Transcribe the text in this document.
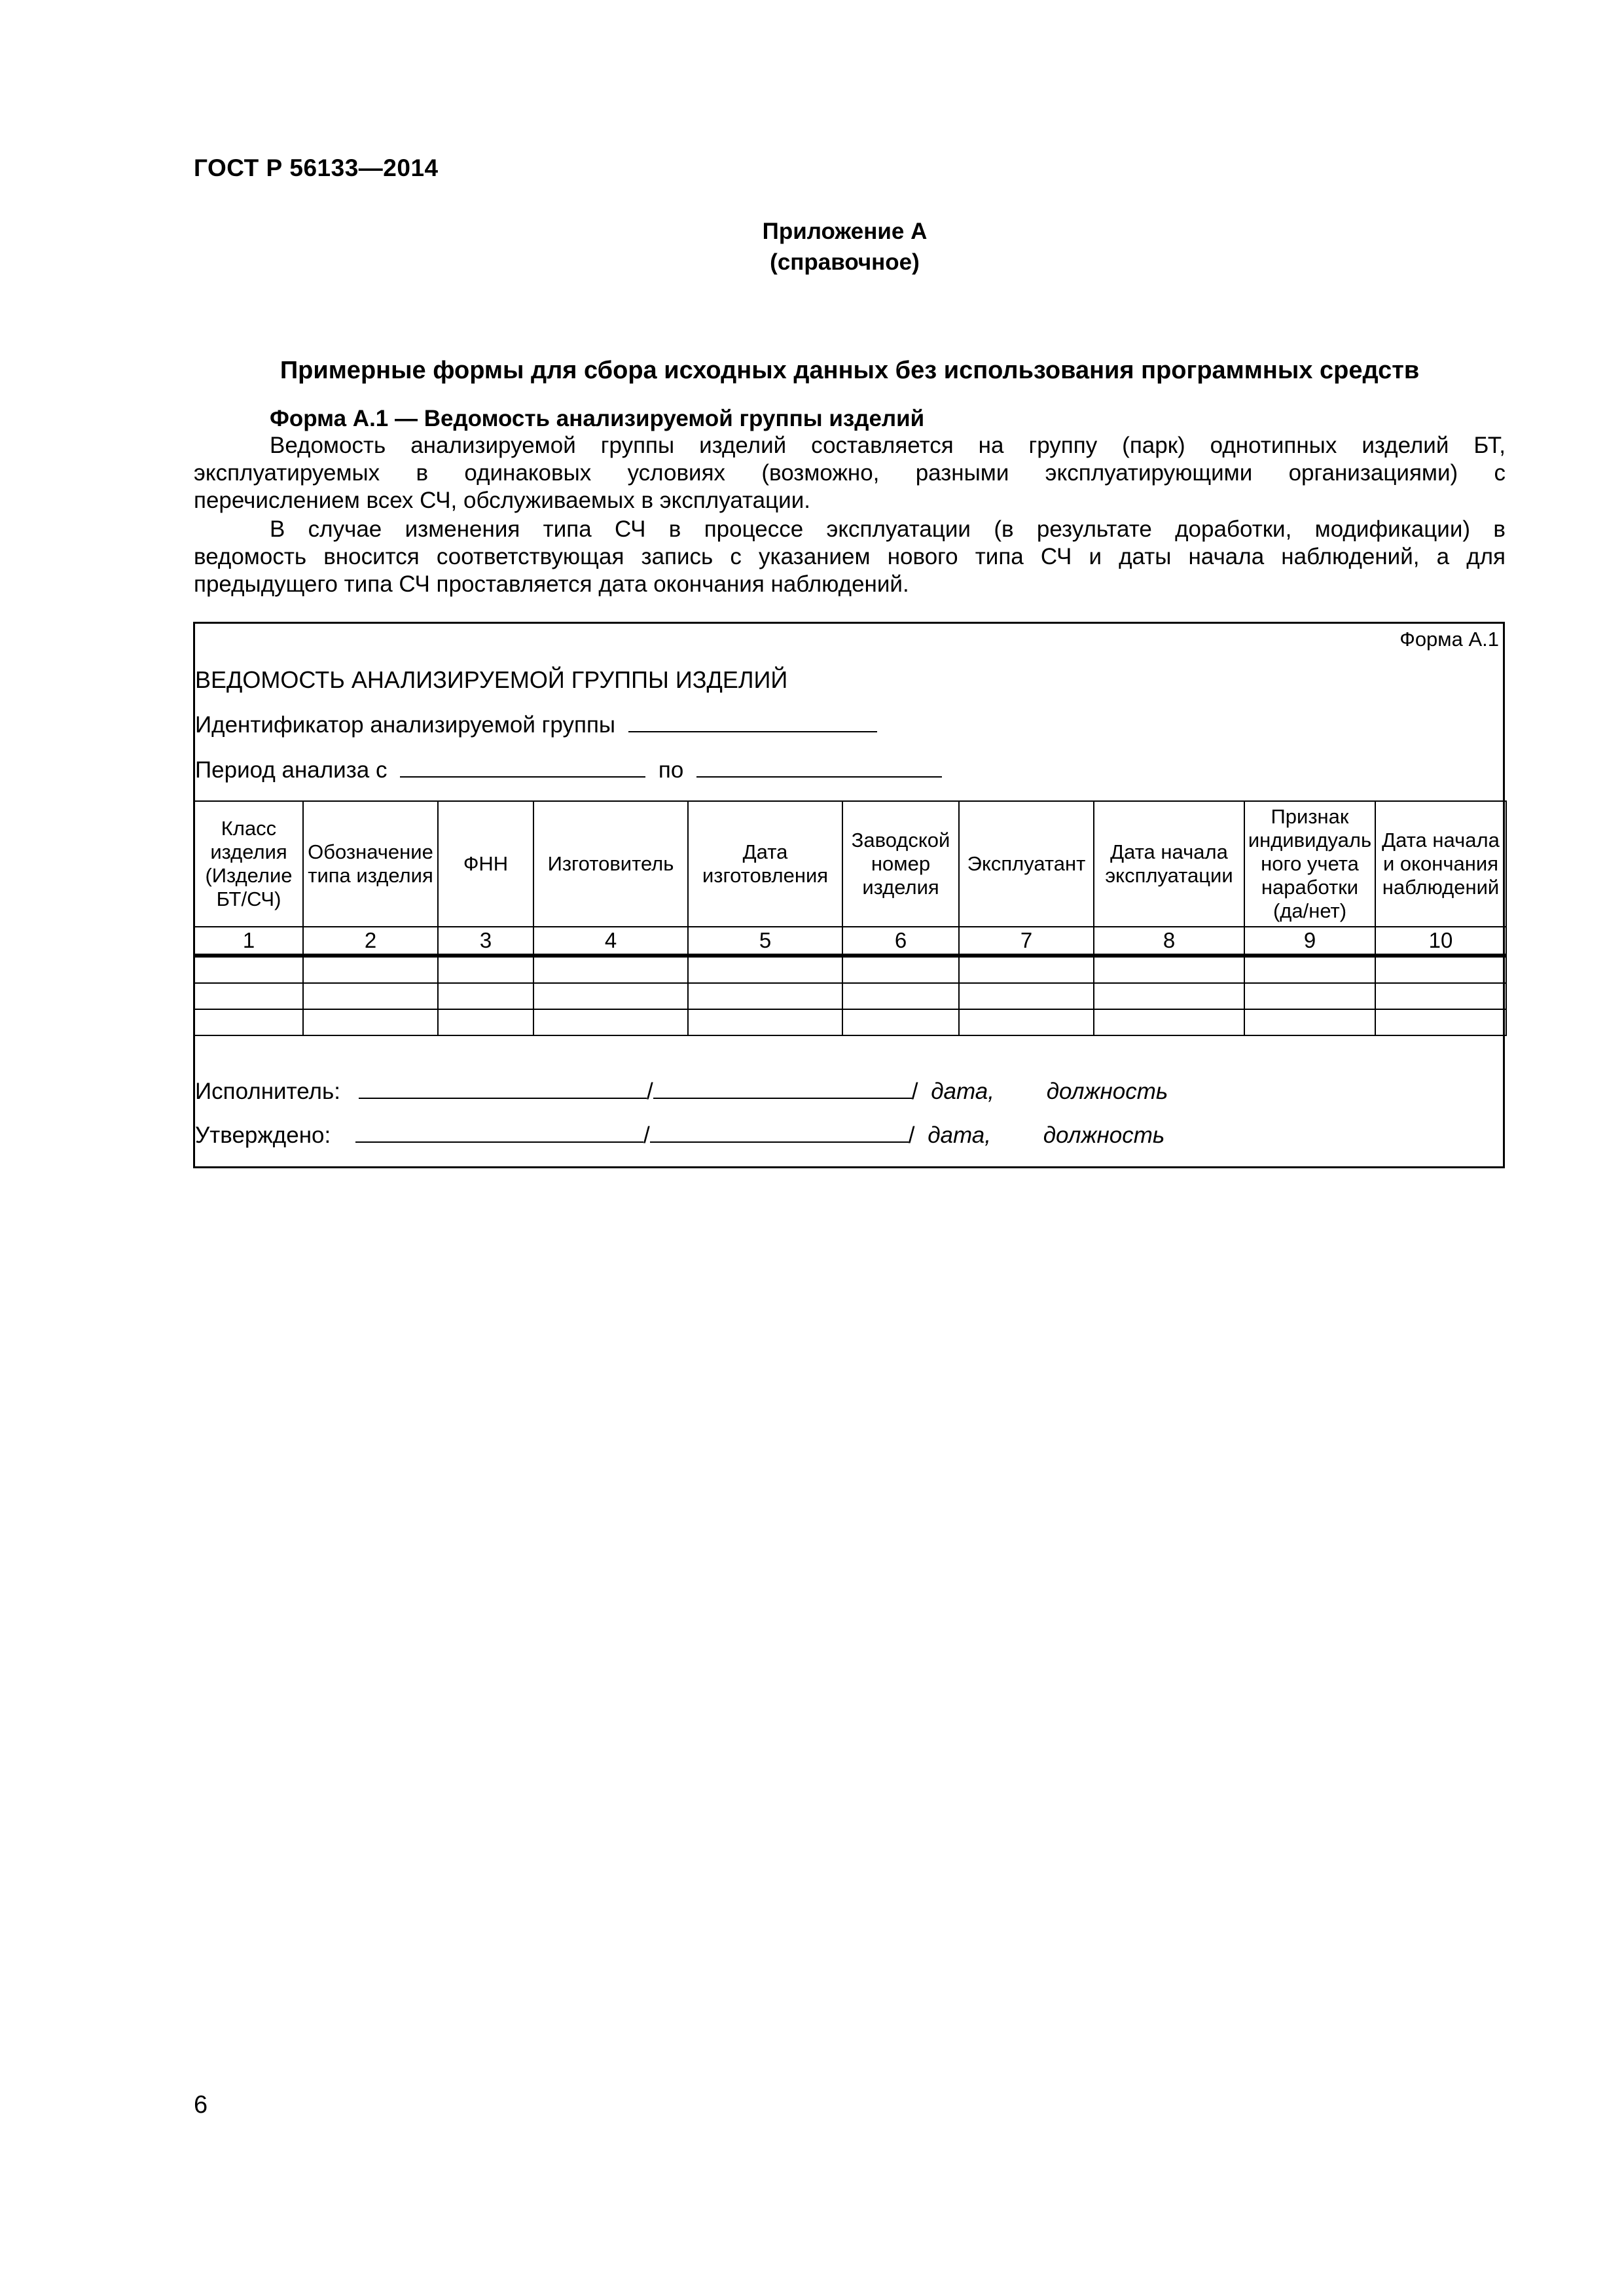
ГОСТ Р 56133—2014
Приложение А
(справочное)
Примерные формы для сбора исходных данных без использования программных средств
Форма А.1 — Ведомость анализируемой группы изделий
Ведомость анализируемой группы изделий составляется на группу (парк) однотипных изделий БТ,
эксплуатируемых в одинаковых условиях (возможно, разными эксплуатирующими организациями) с
перечислением всех СЧ, обслуживаемых в эксплуатации.
В случае изменения типа СЧ в процессе эксплуатации (в результате доработки, модификации) в
ведомость вносится соответствующая запись с указанием нового типа СЧ и даты начала наблюдений, а для
предыдущего типа СЧ проставляется дата окончания наблюдений.
Форма А.1
ВЕДОМОСТЬ АНАЛИЗИРУЕМОЙ ГРУППЫ ИЗДЕЛИЙ
Идентификатор анализируемой группы
Период анализа с	по
Класс изделия (Изделие БТ/СЧ)	Обозначение типа изделия	ФНН	Изготовитель	Дата изготовления	Заводской номер изделия	Эксплуатант	Дата начала эксплуатации	Признак индивидуаль ного учета наработки (да/нет)	Дата начала и окончания наблюдений
1	2	3	4	5	6	7	8	9	10

Исполнитель:	/	/ дата, должность
Утверждено:	/	/ дата, должность
6
